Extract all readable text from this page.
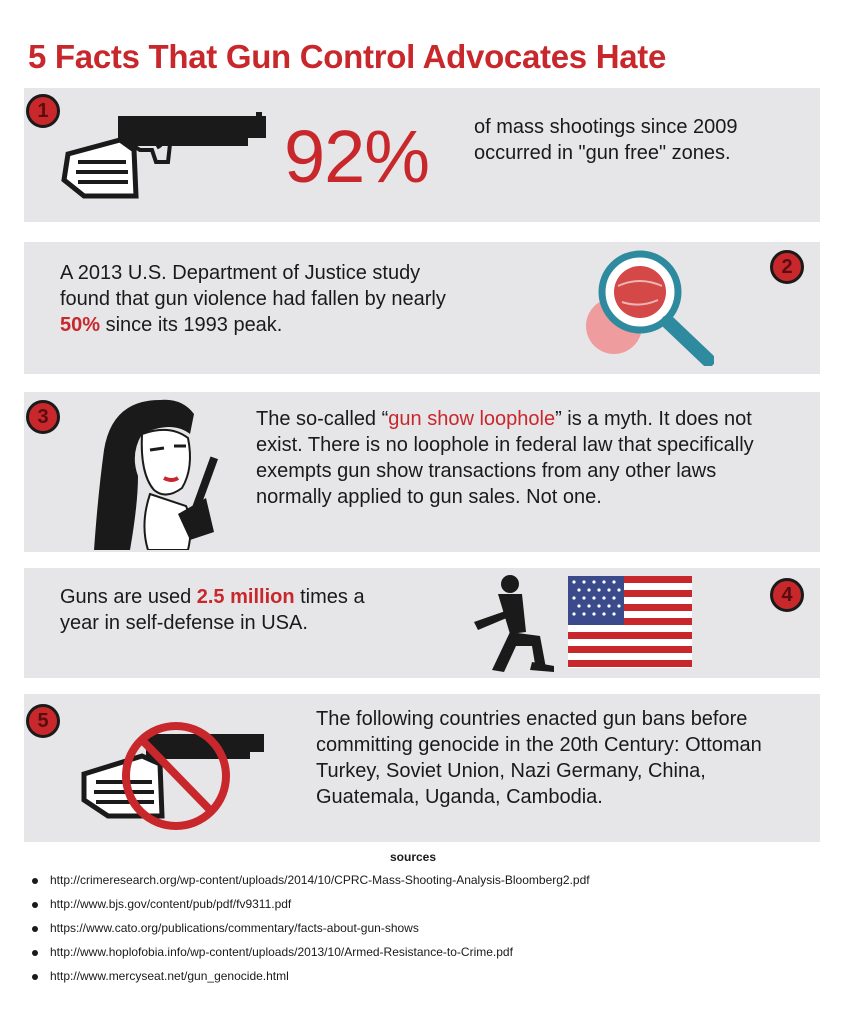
5 Facts That Gun Control Advocates Hate
1
92% of mass shootings since 2009 occurred in "gun free" zones.
A 2013 U.S. Department of Justice study found that gun violence had fallen by nearly 50% since its 1993 peak.
2
3	The so-called “gun show loophole” is a myth. It does not exist. There is no loophole in federal law that specifically exempts gun show transactions from any other laws normally applied to gun sales. Not one.
Guns are used 2.5 million times a year in self-defense in USA.
4
5	The following countries enacted gun bans before committing genocide in the 20th Century: Ottoman Turkey, Soviet Union, Nazi Germany, China, Guatemala, Uganda, Cambodia.
sources
http://crimeresearch.org/wp-content/uploads/2014/10/CPRC-Mass-Shooting-Analysis-Bloomberg2.pdf
http://www.bjs.gov/content/pub/pdf/fv9311.pdf
https://www.cato.org/publications/commentary/facts-about-gun-shows
http://www.hoplofobia.info/wp-content/uploads/2013/10/Armed-Resistance-to-Crime.pdf
http://www.mercyseat.net/gun_genocide.html
